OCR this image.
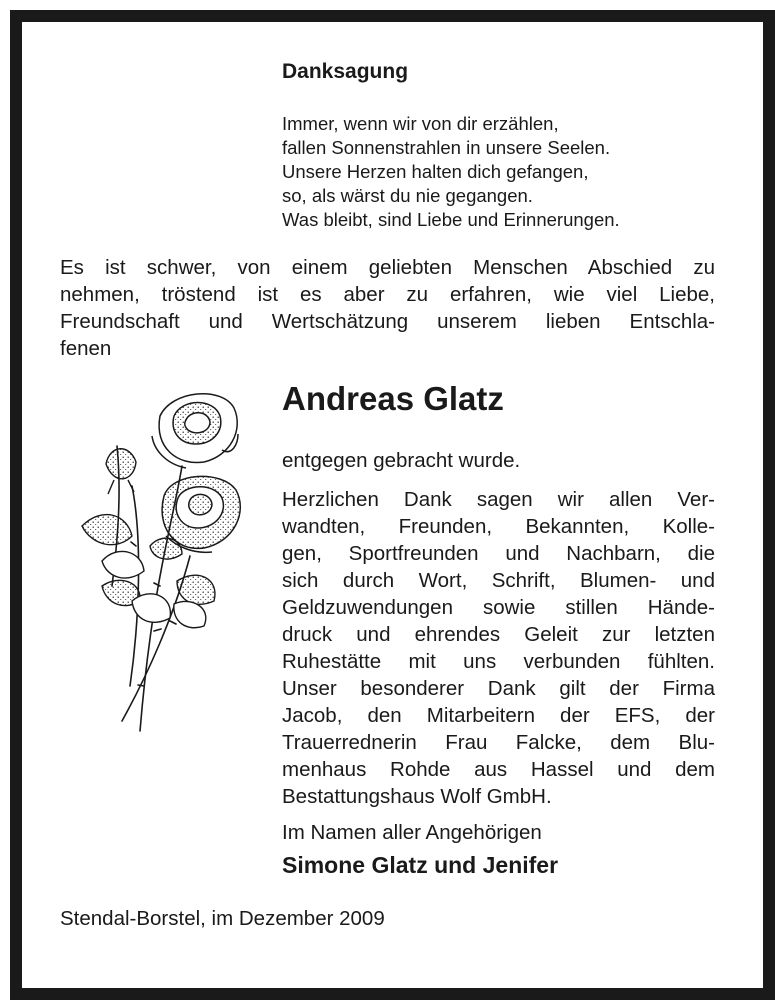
Danksagung
Immer, wenn wir von dir erzählen,
fallen Sonnenstrahlen in unsere Seelen.
Unsere Herzen halten dich gefangen,
so, als wärst du nie gegangen.
Was bleibt, sind Liebe und Erinnerungen.
Es ist schwer, von einem geliebten Menschen Abschied zu
nehmen, tröstend ist es aber zu erfahren, wie viel Liebe,
Freundschaft und Wertschätzung unserem lieben Entschla-
fenen
Andreas Glatz
entgegen gebracht wurde.
Herzlichen Dank sagen wir allen Ver-
wandten, Freunden, Bekannten, Kolle-
gen, Sportfreunden und Nachbarn, die
sich durch Wort, Schrift, Blumen- und
Geldzuwendungen sowie stillen Hände-
druck und ehrendes Geleit zur letzten
Ruhestätte mit uns verbunden fühlten.
Unser besonderer Dank gilt der Firma
Jacob, den Mitarbeitern der EFS, der
Trauerrednerin Frau Falcke, dem Blu-
menhaus Rohde aus Hassel und dem
Bestattungshaus Wolf GmbH.
Im Namen aller Angehörigen
Simone Glatz und Jenifer
Stendal-Borstel, im Dezember 2009
